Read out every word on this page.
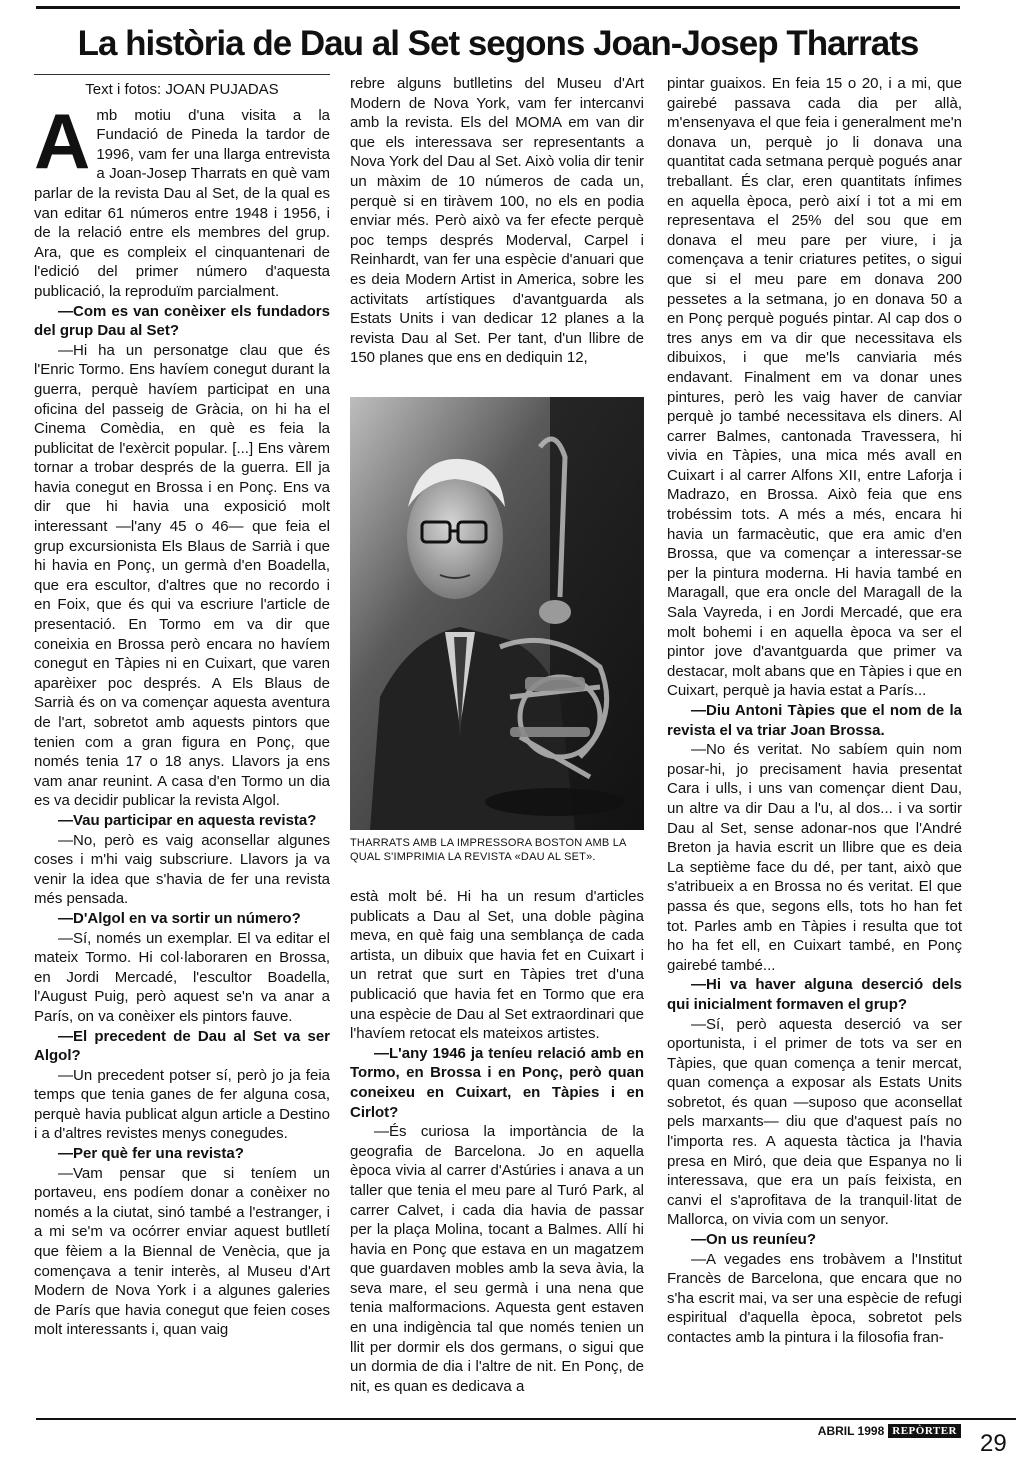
La història de Dau al Set segons Joan-Josep Tharrats
Text i fotos: JOAN PUJADAS

Amb motiu d'una visita a la Fundació de Pineda la tardor de 1996, vam fer una llarga entrevista a Joan-Josep Tharrats en què vam parlar de la revista Dau al Set, de la qual es van editar 61 números entre 1948 i 1956, i de la relació entre els membres del grup. Ara, que es compleix el cinquantenari de l'edició del primer número d'aquesta publicació, la reproduïm parcialment.

—Com es van conèixer els fundadors del grup Dau al Set?

—Hi ha un personatge clau que és l'Enric Tormo. Ens havíem conegut durant la guerra, perquè havíem participat en una oficina del passeig de Gràcia, on hi ha el Cinema Comèdia, en què es feia la publicitat de l'exèrcit popular. [...] Ens vàrem tornar a trobar després de la guerra. Ell ja havia conegut en Brossa i en Ponç. Ens va dir que hi havia una exposició molt interessant —l'any 45 o 46— que feia el grup excursionista Els Blaus de Sarrià i que hi havia en Ponç, un germà d'en Boadella, que era escultor, d'altres que no recordo i en Foix, que és qui va escriure l'article de presentació. En Tormo em va dir que coneixia en Brossa però encara no havíem conegut en Tàpies ni en Cuixart, que varen aparèixer poc després. A Els Blaus de Sarrià és on va començar aquesta aventura de l'art, sobretot amb aquests pintors que tenien com a gran figura en Ponç, que només tenia 17 o 18 anys. Llavors ja ens vam anar reunint. A casa d'en Tormo un dia es va decidir publicar la revista Algol.

—Vau participar en aquesta revista?

—No, però es vaig aconsellar algunes coses i m'hi vaig subscriure. Llavors ja va venir la idea que s'havia de fer una revista més pensada.

—D'Algol en va sortir un número?

—Sí, només un exemplar. El va editar el mateix Tormo. Hi col·laboraren en Brossa, en Jordi Mercadé, l'escultor Boadella, l'August Puig, però aquest se'n va anar a París, on va conèixer els pintors fauve.

—El precedent de Dau al Set va ser Algol?

—Un precedent potser sí, però jo ja feia temps que tenia ganes de fer alguna cosa, perquè havia publicat algun article a Destino i a d'altres revistes menys conegudes.

—Per què fer una revista?

—Vam pensar que si teníem un portaveu, ens podíem donar a conèixer no només a la ciutat, sinó també a l'estranger, i a mi se'm va ocórrer enviar aquest butlletí que fèiem a la Biennal de Venècia, que ja començava a tenir interès, al Museu d'Art Modern de Nova York i a algunes galeries de París que havia conegut que feien coses molt interessants i, quan vaig

rebre alguns butlletins del Museu d'Art Modern de Nova York, vam fer intercanvi amb la revista. Els del MOMA em van dir que els interessava ser representants a Nova York del Dau al Set. Això volia dir tenir un màxim de 10 números de cada un, perquè si en tiràvem 100, no els en podia enviar més. Però això va fer efecte perquè poc temps després Moderval, Carpel i Reinhardt, van fer una espècie d'anuari que es deia Modern Artist in America, sobre les activitats artístiques d'avantguarda als Estats Units i van dedicar 12 planes a la revista Dau al Set. Per tant, d'un llibre de 150 planes que ens en dediquin 12,

THARRATS AMB LA IMPRESSORA BOSTON AMB LA QUAL S'IMPRIMIA LA REVISTA «DAU AL SET».

està molt bé. Hi ha un resum d'articles publicats a Dau al Set, una doble pàgina meva, en què faig una semblança de cada artista, un dibuix que havia fet en Cuixart i un retrat que surt en Tàpies tret d'una publicació que havia fet en Tormo que era una espècie de Dau al Set extraordinari que l'havíem retocat els mateixos artistes.

—L'any 1946 ja teníeu relació amb en Tormo, en Brossa i en Ponç, però quan coneixeu en Cuixart, en Tàpies i en Cirlot?

—És curiosa la importància de la geografia de Barcelona. Jo en aquella època vivia al carrer d'Astúries i anava a un taller que tenia el meu pare al Turó Park, al carrer Calvet, i cada dia havia de passar per la plaça Molina, tocant a Balmes. Allí hi havia en Ponç que estava en un magatzem que guardaven mobles amb la seva àvia, la seva mare, el seu germà i una nena que tenia malformacions. Aquesta gent estaven en una indigència tal que només tenien un llit per dormir els dos germans, o sigui que un dormia de dia i l'altre de nit. En Ponç, de nit, es quan es dedicava a

pintar guaixos. En feia 15 o 20, i a mi, que gairebé passava cada dia per allà, m'ensenyava el que feia i generalment me'n donava un, perquè jo li donava una quantitat cada setmana perquè pogués anar treballant. És clar, eren quantitats ínfimes en aquella època, però així i tot a mi em representava el 25% del sou que em donava el meu pare per viure, i ja començava a tenir criatures petites, o sigui que si el meu pare em donava 200 pessetes a la setmana, jo en donava 50 a en Ponç perquè pogués pintar. Al cap dos o tres anys em va dir que necessitava els dibuixos, i que me'ls canviaria més endavant. Finalment em va donar unes pintures, però les vaig haver de canviar perquè jo també necessitava els diners. Al carrer Balmes, cantonada Travessera, hi vivia en Tàpies, una mica més avall en Cuixart i al carrer Alfons XII, entre Laforja i Madrazo, en Brossa. Això feia que ens trobéssim tots. A més a més, encara hi havia un farmacèutic, que era amic d'en Brossa, que va començar a interessar-se per la pintura moderna. Hi havia també en Maragall, que era oncle del Maragall de la Sala Vayreda, i en Jordi Mercadé, que era molt bohemi i en aquella època va ser el pintor jove d'avantguarda que primer va destacar, molt abans que en Tàpies i que en Cuixart, perquè ja havia estat a París...

—Diu Antoni Tàpies que el nom de la revista el va triar Joan Brossa.

—No és veritat. No sabíem quin nom posar-hi, jo precisament havia presentat Cara i ulls, i uns van començar dient Dau, un altre va dir Dau a l'u, al dos... i va sortir Dau al Set, sense adonar-nos que l'André Breton ja havia escrit un llibre que es deia La septième face du dé, per tant, això que s'atribueix a en Brossa no és veritat. El que passa és que, segons ells, tots ho han fet tot. Parles amb en Tàpies i resulta que tot ho ha fet ell, en Cuixart també, en Ponç gairebé també...

—Hi va haver alguna deserció dels qui inicialment formaven el grup?

—Sí, però aquesta deserció va ser oportunista, i el primer de tots va ser en Tàpies, que quan comença a tenir mercat, quan comença a exposar als Estats Units sobretot, és quan —suposo que aconsellat pels marxants— diu que d'aquest país no l'importa res. A aquesta tàctica ja l'havia presa en Miró, que deia que Espanya no li interessava, que era un país feixista, en canvi el s'aprofitava de la tranquil·litat de Mallorca, on vivia com un senyor.

—On us reuníeu?

—A vegades ens trobàvem a l'Institut Francès de Barcelona, que encara que no s'ha escrit mai, va ser una espècie de refugi espiritual d'aquella època, sobretot pels contactes amb la pintura i la filosofia fran-

ABRIL 1998 REPÒRTER 29
